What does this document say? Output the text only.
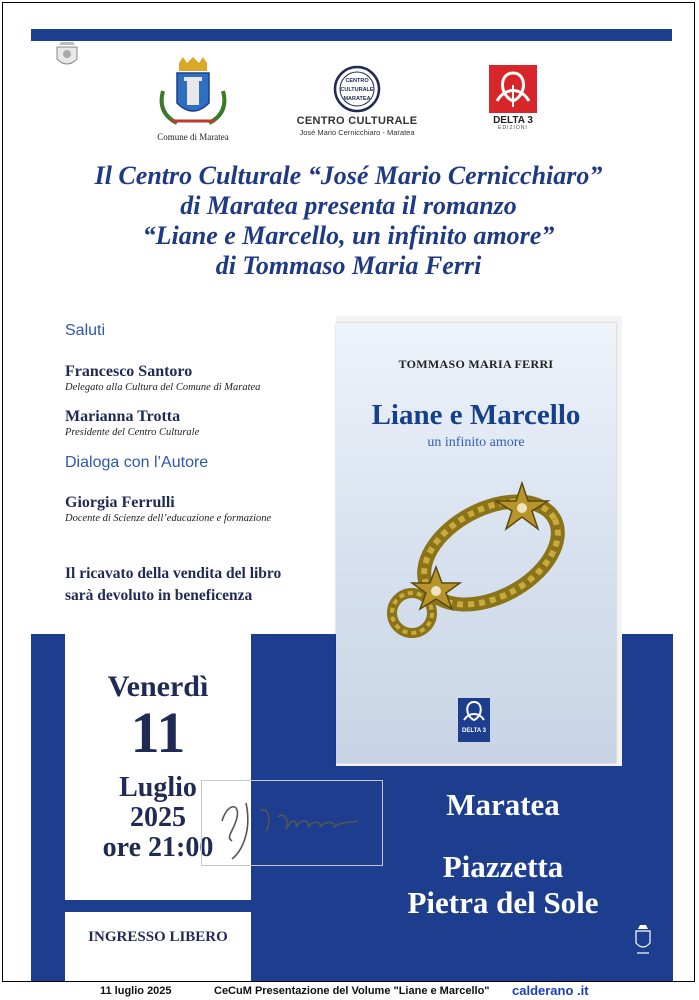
Comune di Maratea
CENTRO
CULTURALE
MARATEA
CENTRO CULTURALE
José Mario Cernicchiaro - Maratea
DELTA 3
EDIZIONI
Il Centro Culturale “José Mario Cernicchiaro”
di Maratea presenta il romanzo
“Liane e Marcello, un infinito amore”
di Tommaso Maria Ferri
Saluti
Francesco Santoro
Delegato alla Cultura del Comune di Maratea
Marianna Trotta
Presidente del Centro Culturale
Dialoga con l’Autore
Giorgia Ferrulli
Docente di Scienze dell’educazione e formazione
Il ricavato della vendita del libro
sarà devoluto in beneficenza
Venerdì
11
Luglio
2025
ore 21:00
INGRESSO LIBERO
Maratea
Piazzetta
Pietra del Sole
TOMMASO MARIA FERRI
Liane e Marcello
un infinito amore
DELTA 3
11 luglio 2025	CeCuM Presentazione del Volume "Liane e Marcello" calderano .it
